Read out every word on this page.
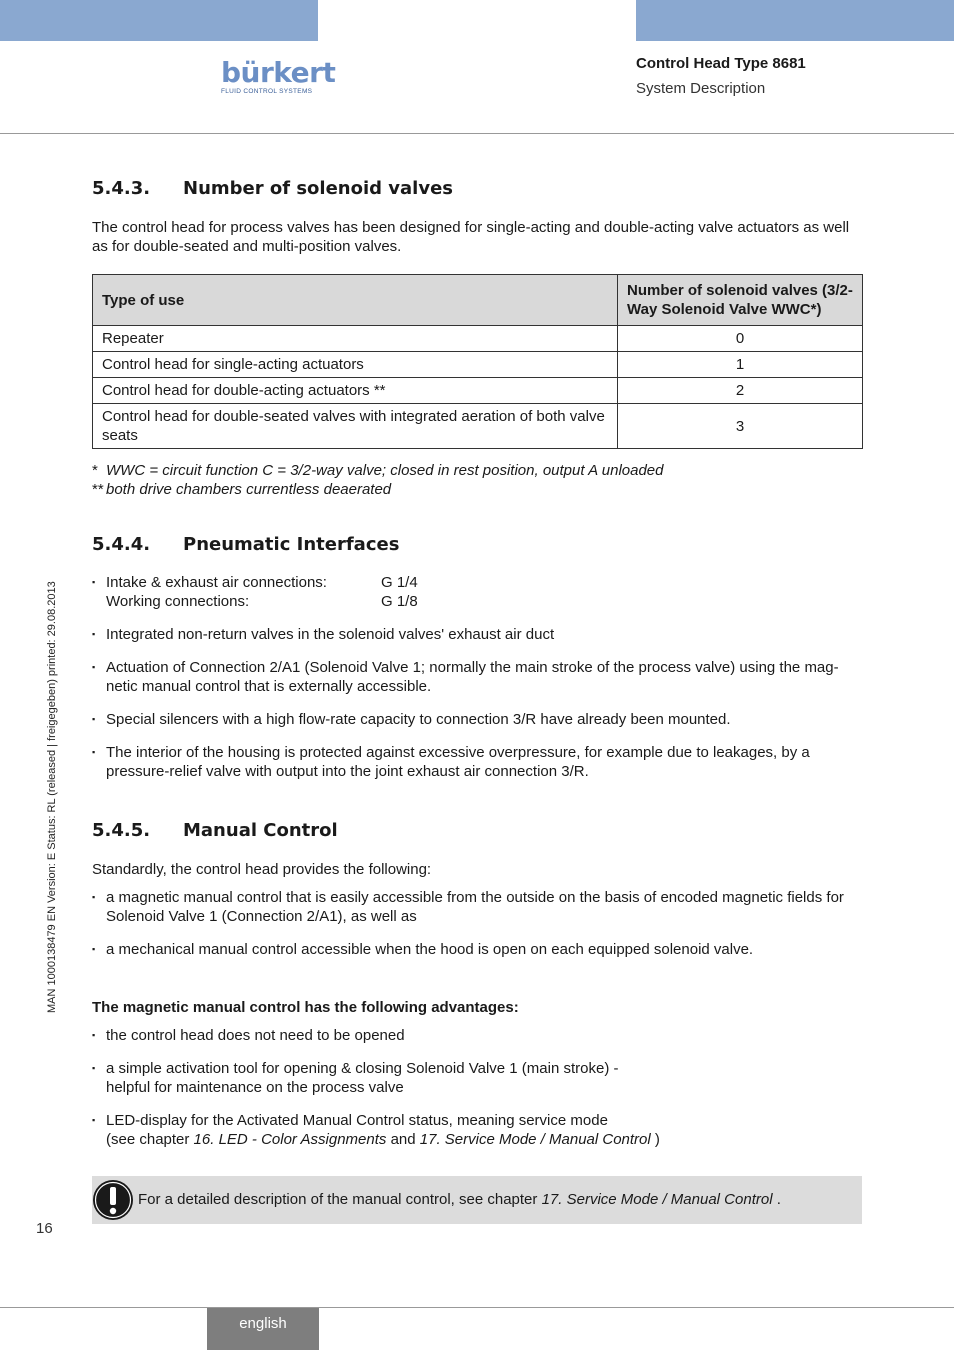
bürkert
FLUID CONTROL SYSTEMS
Control Head Type 8681
System Description
MAN 1000138479 EN Version: E Status: RL (released | freigegeben) printed: 29.08.2013
5.4.3. Number of solenoid valves

The control head for process valves has been designed for single-acting and double-acting valve actuators as well as for double-seated and multi-position valves.

Type of use	Number of solenoid valves (3/2-Way Solenoid Valve WWC*)
Repeater	0
Control head for single-acting actuators	1
Control head for double-acting actuators **	2
Control head for double-seated valves with integrated aeration of both valve seats	3
* WWC = circuit function C = 3/2-way valve; closed in rest position, output A unloaded
** both drive chambers currentless deaerated
5.4.4. Pneumatic Interfaces
▪ Intake & exhaust air connections:	G 1/4
Working connections:	G 1/8
▪ Integrated non-return valves in the solenoid valves' exhaust air duct
▪ Actuation of Connection 2/A1 (Solenoid Valve 1; normally the main stroke of the process valve) using the mag-netic manual control that is externally accessible.
▪ Special silencers with a high flow-rate capacity to connection 3/R have already been mounted.
▪ The interior of the housing is protected against excessive overpressure, for example due to leakages, by a pressure-relief valve with output into the joint exhaust air connection 3/R.
5.4.5. Manual Control

Standardly, the control head provides the following:

▪ a magnetic manual control that is easily accessible from the outside on the basis of encoded magnetic fields for Solenoid Valve 1 (Connection 2/A1), as well as
▪ a mechanical manual control accessible when the hood is open on each equipped solenoid valve.

The magnetic manual control has the following advantages:

▪ the control head does not need to be opened
▪ a simple activation tool for opening & closing Solenoid Valve 1 (main stroke) -
helpful for maintenance on the process valve
▪ LED-display for the Activated Manual Control status, meaning service mode
(see chapter 16. LED - Color Assignments and 17. Service Mode / Manual Control )
For a detailed description of the manual control, see chapter 17. Service Mode / Manual Control .
16
english
